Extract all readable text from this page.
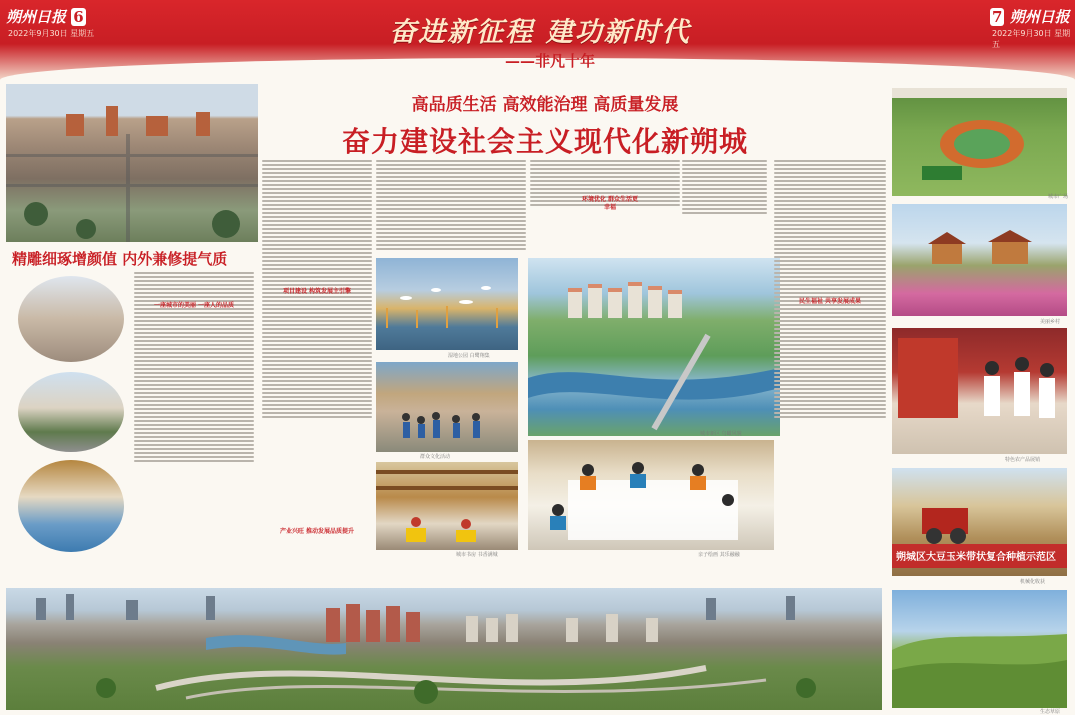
朔州日报 6
2022年9月30日 星期五
7 朔州日报
2022年9月30日 星期五
奋进新征程 建功新时代
——非凡十年
高品质生活 高效能治理 高质量发展
奋力建设社会主义现代化新朔城
精雕细琢增颜值 内外兼修提气质
一座城市的美丽 一座人的品质
项目建设 构筑发展主引擎
产业兴旺 推动发展品质提升
环境优化 群众生活更幸福
湿地公园 白鹭翔集
群众文化活动
城市书房 书香满城
城市新区 鸟瞰风貌
亲子绘画 其乐融融
民生福祉 共享发展成果
城市广场
美丽乡村
特色农产品展销
朔城区大豆玉米带状复合种植示范区
机械化收获
生态草原
